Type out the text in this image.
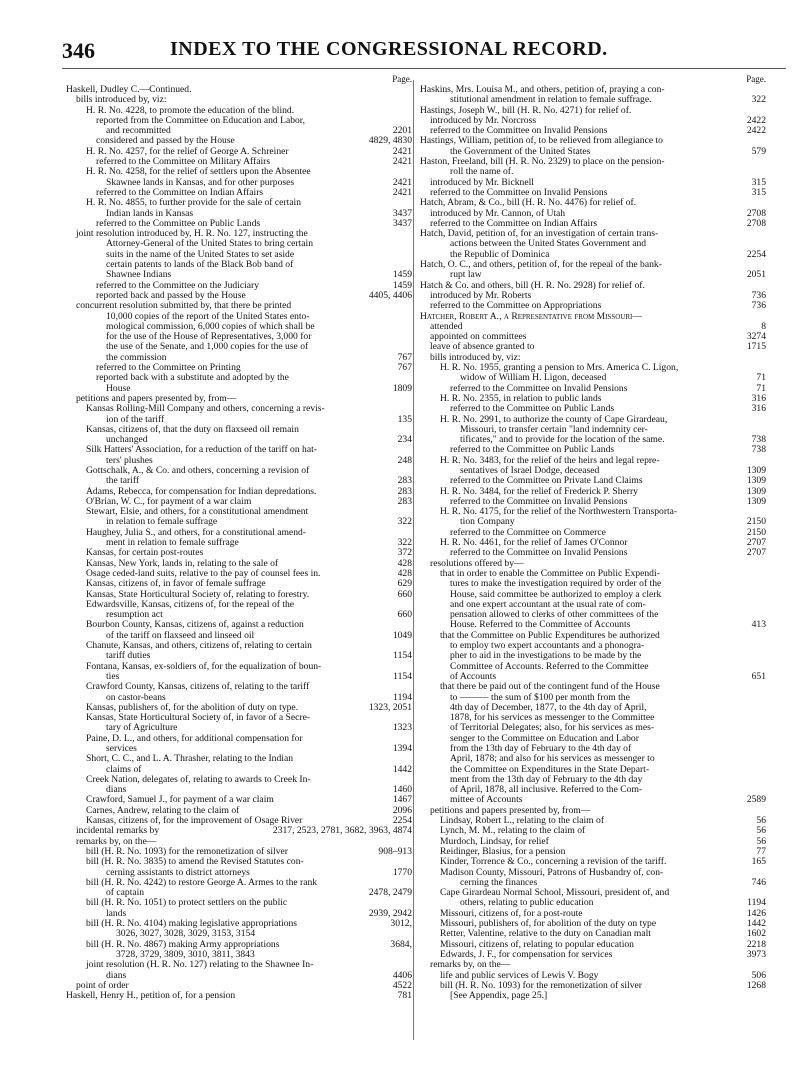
346	INDEX TO THE CONGRESSIONAL RECORD.
Page.
Haskell, Dudley C.—Continued.
bills introduced by, viz:
H. R. No. 4228, to promote the education of the blind.
reported from the Committee on Education and Labor,
and recommitted	2201
considered and passed by the House	4829, 4830
H. R. No. 4257, for the relief of George A. Schreiner	2421
referred to the Committee on Military Affairs	2421
H. R. No. 4258, for the relief of settlers upon the Absentee
Skawnee lands in Kansas, and for other purposes	2421
referred to the Committee on Indian Affairs	2421
H. R. No. 4855, to further provide for the sale of certain
Indian lands in Kansas	3437
referred to the Committee on Public Lands	3437
joint resolution introduced by, H. R. No. 127, instructing the
Attorney-General of the United States to bring certain
suits in the name of the United States to set aside
certain patents to lands of the Black Bob band of
Shawnee Indians	1459
referred to the Committee on the Judiciary	1459
reported back and passed by the House	4405, 4406
concurrent resolution submitted by, that there be printed
10,000 copies of the report of the United States ento-
mological commission, 6,000 copies of which shall be
for the use of the House of Representatives, 3,000 for
the use of the Senate, and 1,000 copies for the use of
the commission	767
referred to the Committee on Printing	767
reported back with a substitute and adopted by the
House	1809
petitions and papers presented by, from—
Kansas Rolling-Mill Company and others, concerning a revis-
ion of the tariff	135
Kansas, citizens of, that the duty on flaxseed oil remain
unchanged	234
Silk Hatters' Association, for a reduction of the tariff on hat-
ters' plushes	248
Gottschalk, A., & Co. and others, concerning a revision of
the tariff	283
Adams, Rebecca, for compensation for Indian depredations.	283
O'Brian, W. C., for payment of a war claim	283
Stewart, Elsie, and others, for a constitutional amendment
in relation to female suffrage	322
Haughey, Julia S., and others, for a constitutional amend-
ment in relation to female suffrage	322
Kansas, for certain post-routes	372
Kansas, New York, lands in, relating to the sale of	428
Osage ceded-land suits, relative to the pay of counsel fees in.	428
Kansas, citizens of, in favor of female suffrage	629
Kansas, State Horticultural Society of, relating to forestry.	660
Edwardsville, Kansas, citizens of, for the repeal of the
resumption act	660
Bourbon County, Kansas, citizens of, against a reduction
of the tariff on flaxseed and linseed oil	1049
Chanute, Kansas, and others, citizens of, relating to certain
tariff duties	1154
Fontana, Kansas, ex-soldiers of, for the equalization of boun-
ties	1154
Crawford County, Kansas, citizens of, relating to the tariff
on castor-beans	1194
Kansas, publishers of, for the abolition of duty on type.	1323, 2051
Kansas, State Horticultural Society of, in favor of a Secre-
tary of Agriculture	1323
Paine, D. L., and others, for additional compensation for
services	1394
Short, C. C., and L. A. Thrasher, relating to the Indian
claims of	1442
Creek Nation, delegates of, relating to awards to Creek In-
dians	1460
Crawford, Samuel J., for payment of a war claim	1467
Carnes, Andrew, relating to the claim of	2096
Kansas, citizens of, for the improvement of Osage River	2254
incidental remarks by	2317, 2523, 2781, 3682, 3963, 4874
remarks by, on the—
bill (H. R. No. 1093) for the remonetization of silver	908–913
bill (H. R. No. 3835) to amend the Revised Statutes con-
cerning assistants to district attorneys	1770
bill (H. R. No. 4242) to restore George A. Armes to the rank
of captain	2478, 2479
bill (H. R. No. 1051) to protect settlers on the public
lands	2939, 2942
bill (H. R. No. 4104) making legislative appropriations	3012,
3026, 3027, 3028, 3029, 3153, 3154
bill (H. R. No. 4867) making Army appropriations	3684,
3728, 3729, 3809, 3010, 3811, 3843
joint resolution (H. R. No. 127) relating to the Shawnee In-
dians	4406
point of order	4522
Haskell, Henry H., petition of, for a pension	781
Page.
Haskins, Mrs. Louisa M., and others, petition of, praying a con-
stitutional amendment in relation to female suffrage.	322
Hastings, Joseph W., bill (H. R. No. 4271) for relief of.
introduced by Mr. Norcross	2422
referred to the Committee on Invalid Pensions	2422
Hastings, William, petition of, to be relieved from allegiance to
the Government of the United States	579
Haston, Freeland, bill (H. R. No. 2329) to place on the pension-
roll the name of.
introduced by Mr. Bicknell	315
referred to the Committee on Invalid Pensions	315
Hatch, Abram, & Co., bill (H. R. No. 4476) for relief of.
introduced by Mr. Cannon, of Utah	2708
referred to the Committee on Indian Affairs	2708
Hatch, David, petition of, for an investigation of certain trans-
actions between the United States Government and
the Republic of Dominica	2254
Hatch, O. C., and others, petition of, for the repeal of the bank-
rupt law	2051
Hatch & Co. and others, bill (H. R. No. 2928) for relief of.
introduced by Mr. Roberts	736
referred to the Committee on Appropriations	736
Hatcher, Robert A., a Representative from Missouri—
attended	8
appointed on committees	3274
leave of absence granted to	1715
bills introduced by, viz:
H. R. No. 1955, granting a pension to Mrs. America C. Ligon,
widow of William H. Ligon, deceased	71
referred to the Committee on Invalid Pensions	71
H. R. No. 2355, in relation to public lands	316
referred to the Committee on Public Lands	316
H. R. No. 2991, to authorize the county of Cape Girardeau,
Missouri, to transfer certain "land indemnity cer-
tificates," and to provide for the location of the same.	738
referred to the Committee on Public Lands	738
H. R. No. 3483, for the relief of the heirs and legal repre-
sentatives of Israel Dodge, deceased	1309
referred to the Committee on Private Land Claims	1309
H. R. No. 3484, for the relief of Frederick P. Sherry	1309
referred to the Committee on Invalid Pensions	1309
H. R. No. 4175, for the relief of the Northwestern Transporta-
tion Company	2150
referred to the Committee on Commerce	2150
H. R. No. 4461, for the relief of James O'Connor	2707
referred to the Committee on Invalid Pensions	2707
resolutions offered by—
that in order to enable the Committee on Public Expendi-
tures to make the investigation required by order of the
House, said committee be authorized to employ a clerk
and one expert accountant at the usual rate of com-
pensation allowed to clerks of other committees of the
House. Referred to the Committee of Accounts	413
that the Committee on Public Expenditures be authorized
to employ two expert accountants and a phonogra-
pher to aid in the investigations to be made by the
Committee of Accounts. Referred to the Committee
of Accounts	651
that there be paid out of the contingent fund of the House
to ——— the sum of $100 per month from the
4th day of December, 1877, to the 4th day of April,
1878, for his services as messenger to the Committee
of Territorial Delegates; also, for his services as mes-
senger to the Committee on Education and Labor
from the 13th day of February to the 4th day of
April, 1878; and also for his services as messenger to
the Committee on Expenditures in the State Depart-
ment from the 13th day of February to the 4th day
of April, 1878, all inclusive. Referred to the Com-
mittee of Accounts	2589
petitions and papers presented by, from—
Lindsay, Robert L., relating to the claim of	56
Lynch, M. M., relating to the claim of	56
Murdoch, Lindsay, for relief	56
Reidinger, Blasius, for a pension	77
Kinder, Torrence & Co., concerning a revision of the tariff.	165
Madison County, Missouri, Patrons of Husbandry of, con-
cerning the finances	746
Cape Girardeau Normal School, Missouri, president of, and
others, relating to public education	1194
Missouri, citizens of, for a post-route	1426
Missouri, publishers of, for abolition of the duty on type	1442
Retter, Valentine, relative to the duty on Canadian malt	1602
Missouri, citizens of, relating to popular education	2218
Edwards, J. F., for compensation for services	3973
remarks by, on the—
life and public services of Lewis V. Bogy	506
bill (H. R. No. 1093) for the remonetization of silver	1268
[See Appendix, page 25.]
